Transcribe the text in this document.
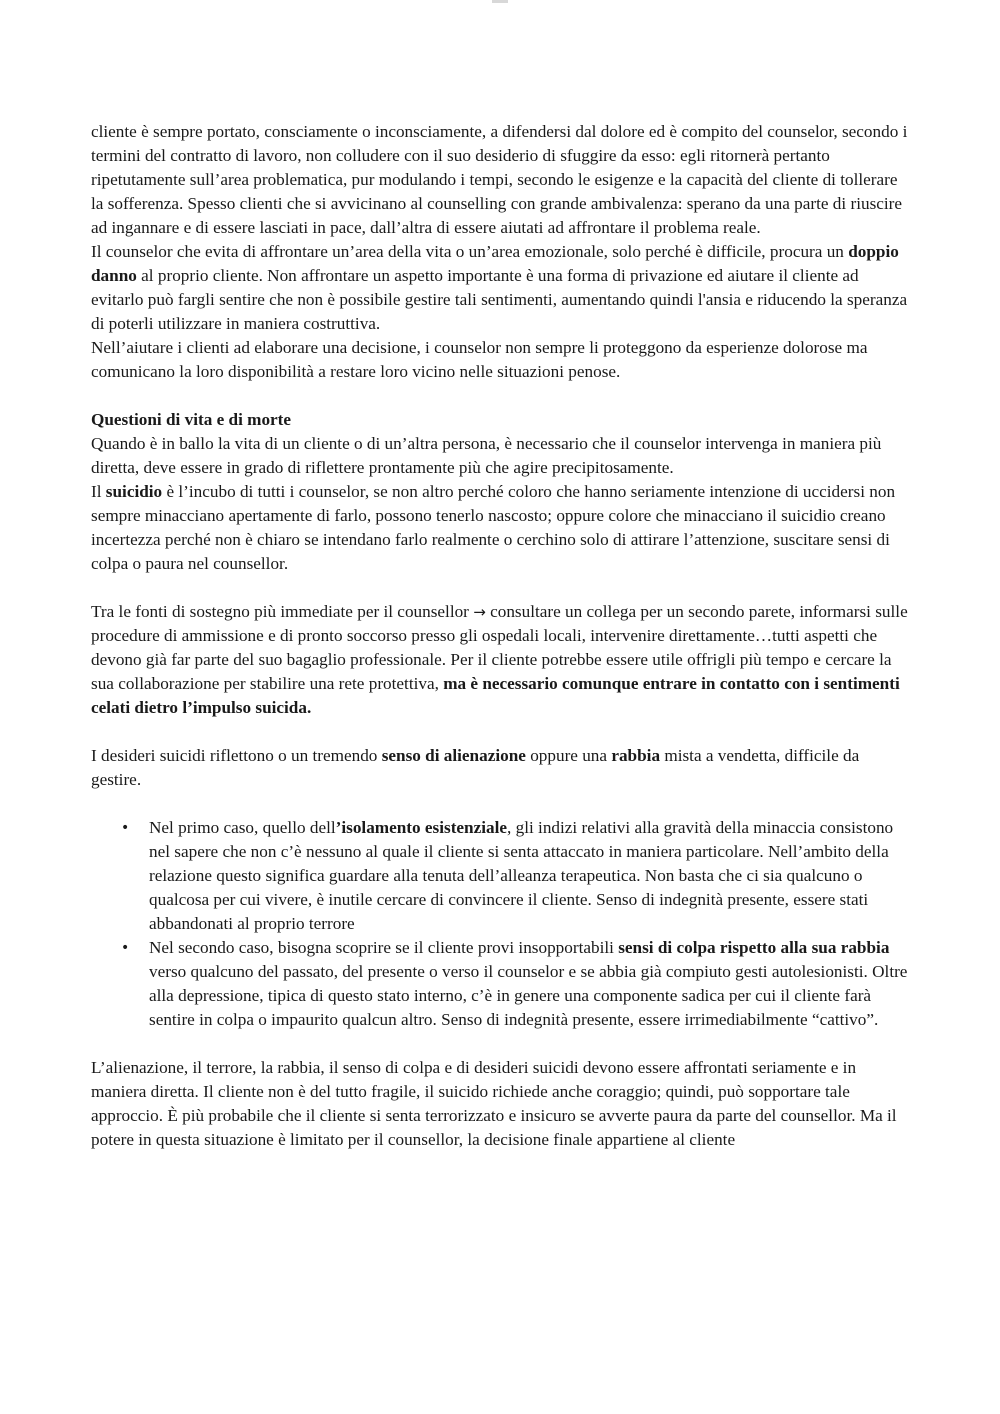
cliente è sempre portato, consciamente o inconsciamente, a difendersi dal dolore ed è compito del counselor, secondo i termini del contratto di lavoro, non colludere con il suo desiderio di sfuggire da esso: egli ritornerà pertanto ripetutamente sull’area problematica, pur modulando i tempi, secondo le esigenze e la capacità del cliente di tollerare la sofferenza. Spesso clienti che si avvicinano al counselling con grande ambivalenza: sperano da una parte di riuscire ad ingannare e di essere lasciati in pace, dall’altra di essere aiutati ad affrontare il problema reale.

Il counselor che evita di affrontare un’area della vita o un’area emozionale, solo perché è difficile, procura un doppio danno al proprio cliente. Non affrontare un aspetto importante è una forma di privazione ed aiutare il cliente ad evitarlo può fargli sentire che non è possibile gestire tali sentimenti, aumentando quindi l'ansia e riducendo la speranza di poterli utilizzare in maniera costruttiva.

Nell’aiutare i clienti ad elaborare una decisione, i counselor non sempre li proteggono da esperienze dolorose ma comunicano la loro disponibilità a restare loro vicino nelle situazioni penose.

Questioni di vita e di morte

Quando è in ballo la vita di un cliente o di un’altra persona, è necessario che il counselor intervenga in maniera più diretta, deve essere in grado di riflettere prontamente più che agire precipitosamente.

Il suicidio è l’incubo di tutti i counselor, se non altro perché coloro che hanno seriamente intenzione di uccidersi non sempre minacciano apertamente di farlo, possono tenerlo nascosto; oppure colore che minacciano il suicidio creano incertezza perché non è chiaro se intendano farlo realmente o cerchino solo di attirare l’attenzione, suscitare sensi di colpa o paura nel counsellor.

Tra le fonti di sostegno più immediate per il counsellor → consultare un collega per un secondo parete, informarsi sulle procedure di ammissione e di pronto soccorso presso gli ospedali locali, intervenire direttamente…tutti aspetti che devono già far parte del suo bagaglio professionale. Per il cliente potrebbe essere utile offrigli più tempo e cercare la sua collaborazione per stabilire una rete protettiva, ma è necessario comunque entrare in contatto con i sentimenti celati dietro l’impulso suicida.

I desideri suicidi riflettono o un tremendo senso di alienazione oppure una rabbia mista a vendetta, difficile da gestire.

• Nel primo caso, quello dell’isolamento esistenziale, gli indizi relativi alla gravità della minaccia consistono nel sapere che non c’è nessuno al quale il cliente si senta attaccato in maniera particolare. Nell’ambito della relazione questo significa guardare alla tenuta dell’alleanza terapeutica. Non basta che ci sia qualcuno o qualcosa per cui vivere, è inutile cercare di convincere il cliente. Senso di indegnità presente, essere stati abbandonati al proprio terrore
• Nel secondo caso, bisogna scoprire se il cliente provi insopportabili sensi di colpa rispetto alla sua rabbia verso qualcuno del passato, del presente o verso il counselor e se abbia già compiuto gesti autolesionisti. Oltre alla depressione, tipica di questo stato interno, c’è in genere una componente sadica per cui il cliente farà sentire in colpa o impaurito qualcun altro. Senso di indegnità presente, essere irrimediabilmente “cattivo”.

L’alienazione, il terrore, la rabbia, il senso di colpa e di desideri suicidi devono essere affrontati seriamente e in maniera diretta. Il cliente non è del tutto fragile, il suicido richiede anche coraggio; quindi, può sopportare tale approccio. È più probabile che il cliente si senta terrorizzato e insicuro se avverte paura da parte del counsellor. Ma il potere in questa situazione è limitato per il counsellor, la decisione finale appartiene al cliente
